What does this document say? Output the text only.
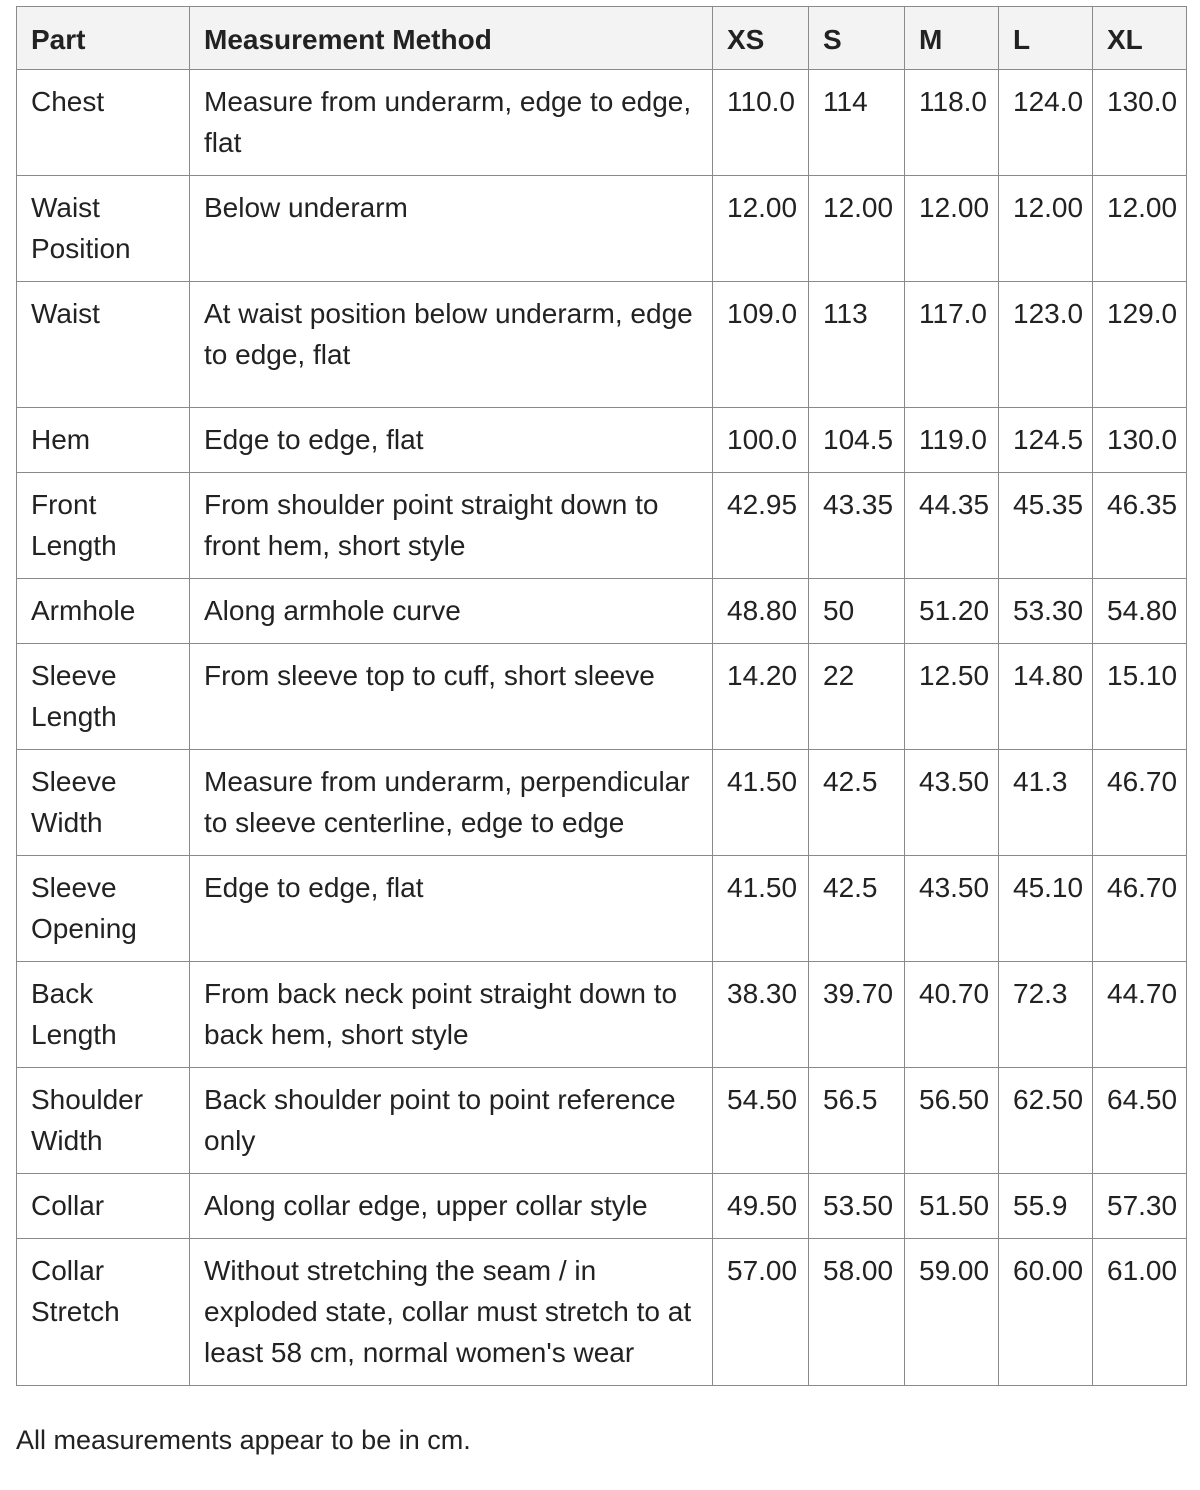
Part	Measurement Method	XS	S	M	L	XL
Chest	Measure from underarm, edge to edge, flat	110.0	114	118.0	124.0	130.0
Waist Position	Below underarm	12.00	12.00	12.00	12.00	12.00
Waist	At waist position below underarm, edge to edge, flat	109.0	113	117.0	123.0	129.0
Hem	Edge to edge, flat	100.0	104.5	119.0	124.5	130.0
Front Length	From shoulder point straight down to front hem, short style	42.95	43.35	44.35	45.35	46.35
Armhole	Along armhole curve	48.80	50	51.20	53.30	54.80
Sleeve Length	From sleeve top to cuff, short sleeve	14.20	22	12.50	14.80	15.10
Sleeve Width	Measure from underarm, perpendicular to sleeve centerline, edge to edge	41.50	42.5	43.50	41.3	46.70
Sleeve Opening	Edge to edge, flat	41.50	42.5	43.50	45.10	46.70
Back Length	From back neck point straight down to back hem, short style	38.30	39.70	40.70	72.3	44.70
Shoulder Width	Back shoulder point to point reference only	54.50	56.5	56.50	62.50	64.50
Collar	Along collar edge, upper collar style	49.50	53.50	51.50	55.9	57.30
Collar Stretch	Without stretching the seam / in exploded state, collar must stretch to at least 58 cm, normal women's wear	57.00	58.00	59.00	60.00	61.00
All measurements appear to be in cm.
